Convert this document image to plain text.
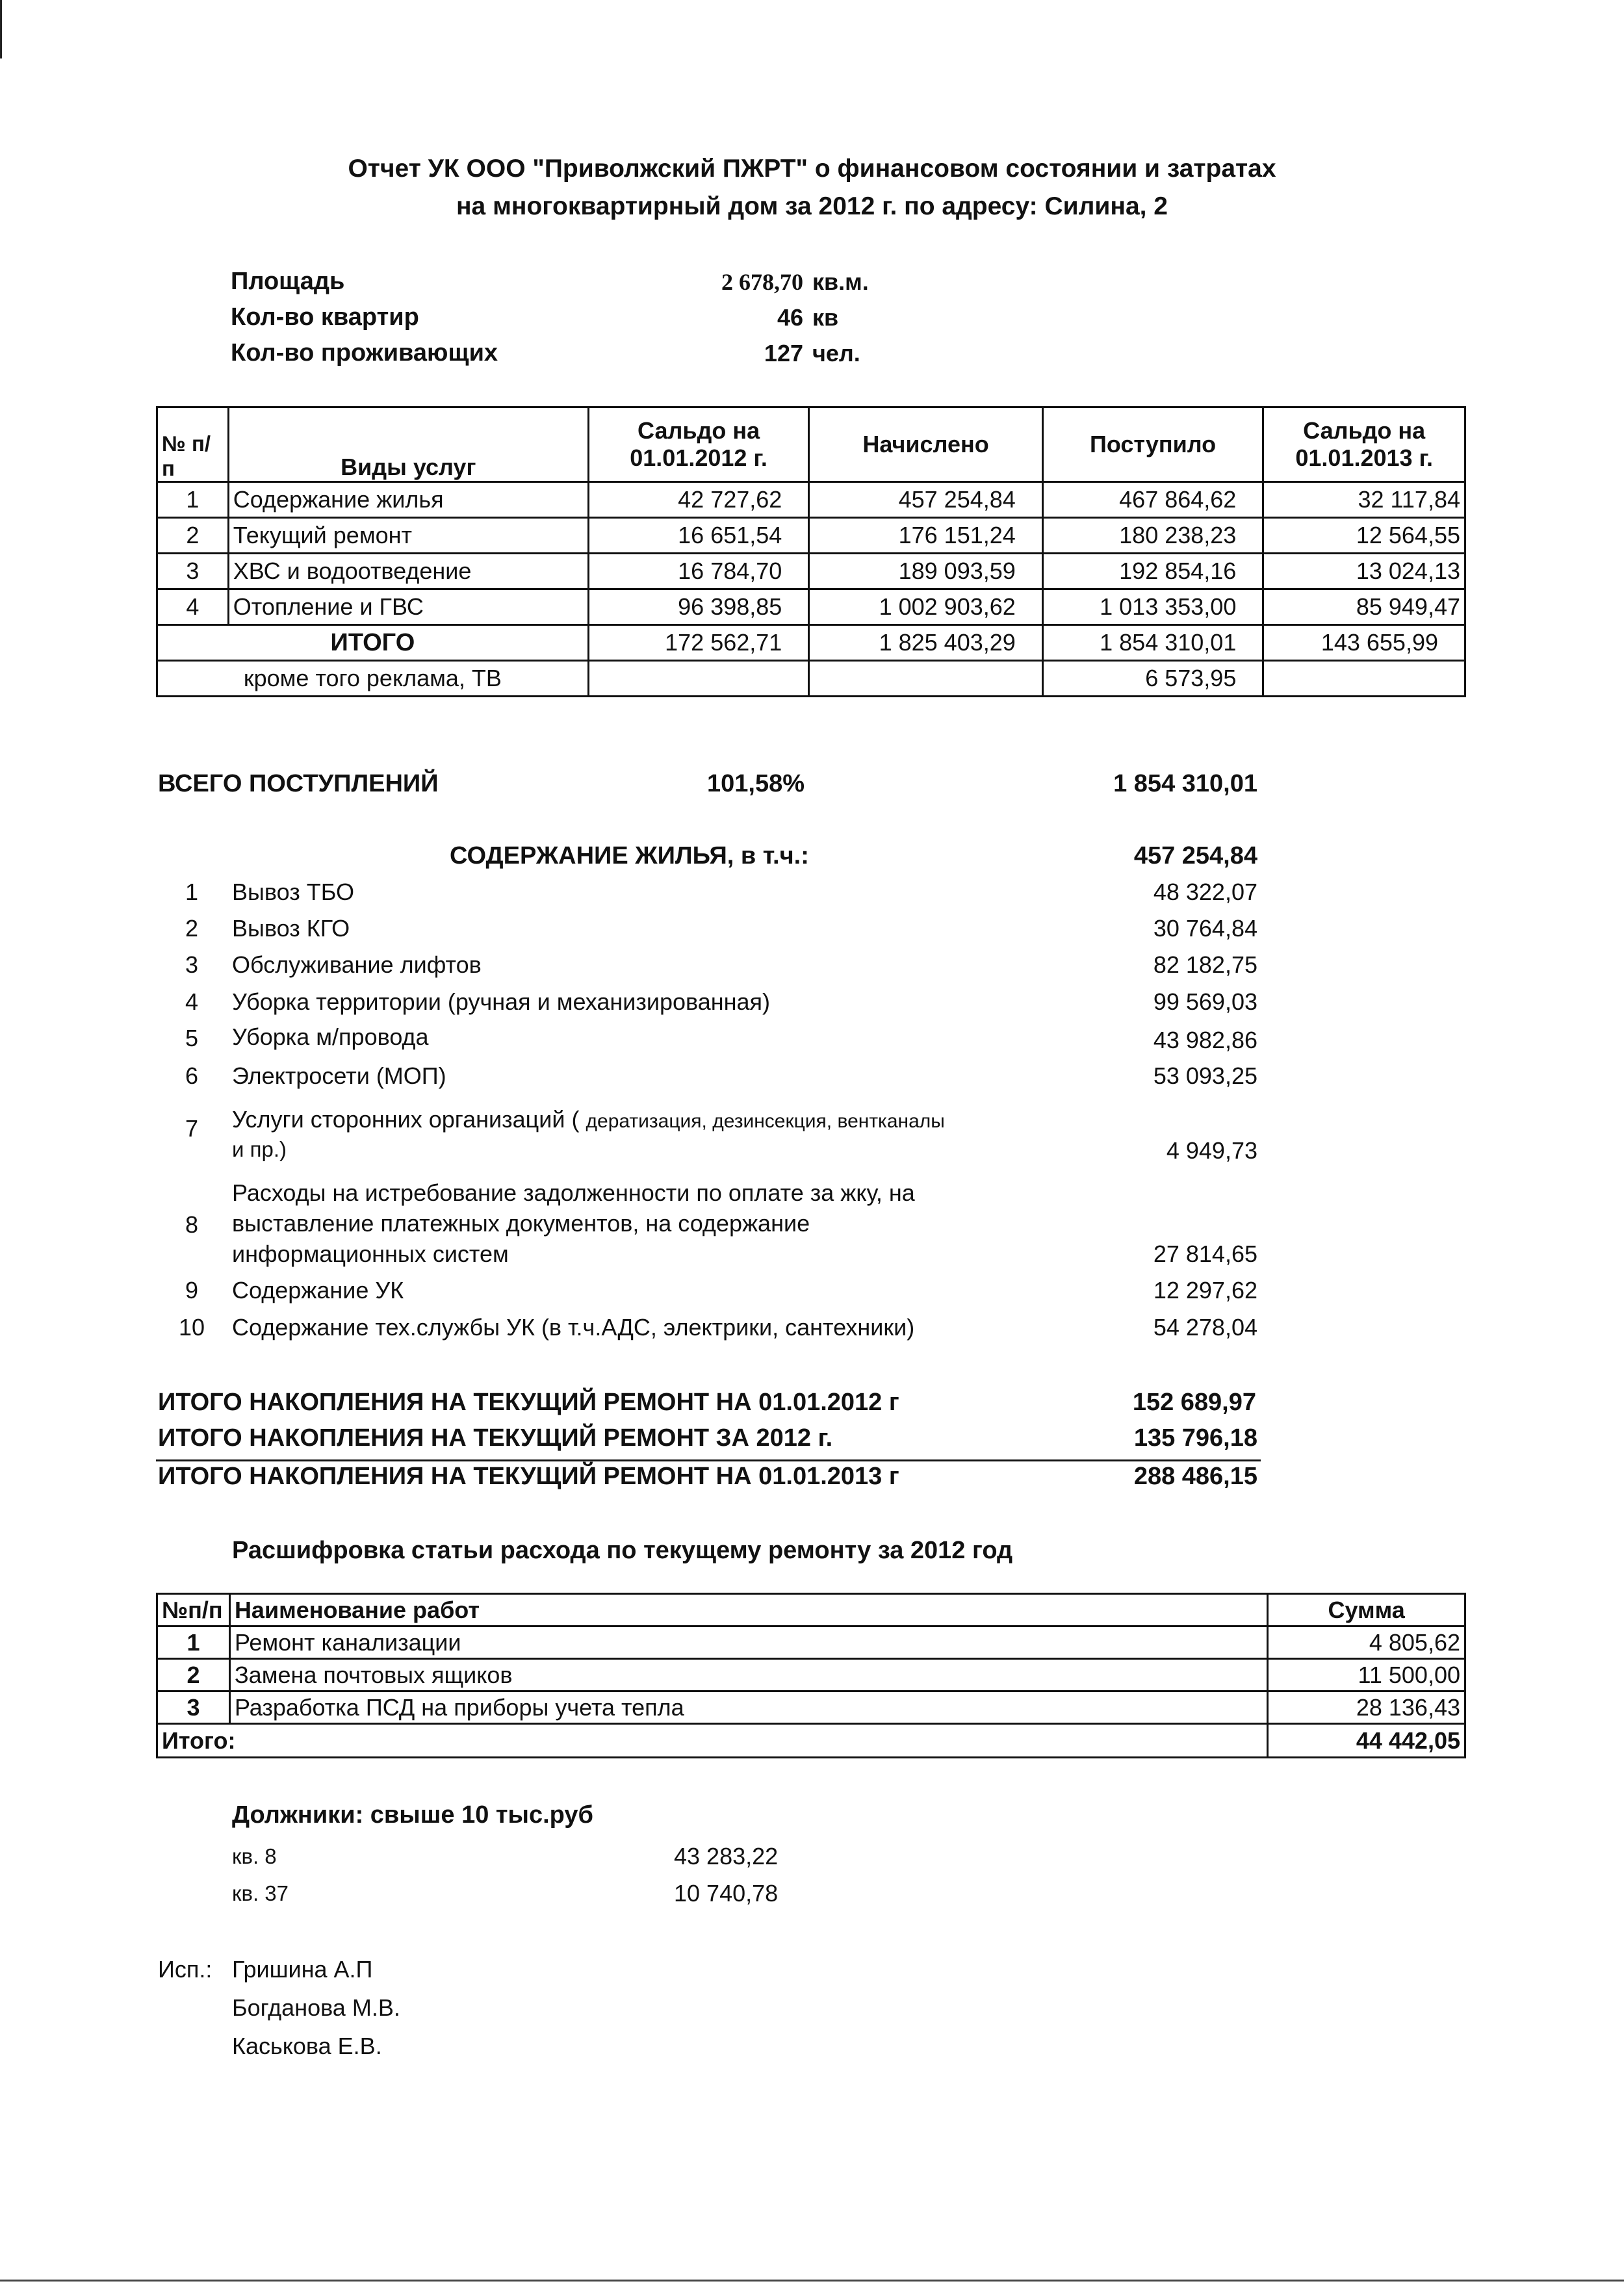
Отчет УК ООО "Приволжский ПЖРТ" о финансовом состоянии и затратах
на многоквартирный дом за 2012 г. по адресу: Силина, 2
Площадь	2 678,70 кв.м.
Кол-во квартир	46 кв
Кол-во проживающих	127 чел.
№ п/п	Виды услуг	Сальдо на 01.01.2012 г.	Начислено	Поступило	Сальдо на 01.01.2013 г.
1	Содержание жилья	42 727,62	457 254,84	467 864,62	32 117,84
2	Текущий ремонт	16 651,54	176 151,24	180 238,23	12 564,55
3	ХВС и водоотведение	16 784,70	189 093,59	192 854,16	13 024,13
4	Отопление и ГВС	96 398,85	1 002 903,62	1 013 353,00	85 949,47
ИТОГО		172 562,71	1 825 403,29	1 854 310,01	143 655,99
кроме того реклама, ТВ				6 573,95	
ВСЕГО ПОСТУПЛЕНИЙ	101,58%	1 854 310,01
СОДЕРЖАНИЕ ЖИЛЬЯ, в т.ч.:	457 254,84
1	Вывоз ТБО	48 322,07
2	Вывоз КГО	30 764,84
3	Обслуживание лифтов	82 182,75
4	Уборка территории (ручная и механизированная)	99 569,03
5	Уборка м/провода	43 982,86
6	Электросети (МОП)	53 093,25
7	Услуги сторонних организаций ( дератизация, дезинсекция, вентканалы
и пр.)	4 949,73
8
Расходы на истребование задолженности по оплате за жку, на
выставление платежных документов, на содержание
информационных систем	27 814,65
9	Содержание УК	12 297,62
10 Содержание тех.службы УК (в т.ч.АДС, электрики, сантехники)	54 278,04
ИТОГО НАКОПЛЕНИЯ НА ТЕКУЩИЙ РЕМОНТ НА 01.01.2012 г	152 689,97
ИТОГО НАКОПЛЕНИЯ НА ТЕКУЩИЙ РЕМОНТ ЗА 2012 г.	135 796,18
ИТОГО НАКОПЛЕНИЯ НА ТЕКУЩИЙ РЕМОНТ НА 01.01.2013 г	288 486,15
Расшифровка статьи расхода по текущему ремонту за 2012 год
№п/п	Наименование работ	Сумма
1	Ремонт канализации	4 805,62
2	Замена почтовых ящиков	11 500,00
3	Разработка ПСД на приборы учета тепла	28 136,43
Итого:		44 442,05
Должники: свыше 10 тыс.руб
кв. 8	43 283,22
кв. 37	10 740,78
Исп.: Гришина А.П
Богданова М.В.
Каськова Е.В.
